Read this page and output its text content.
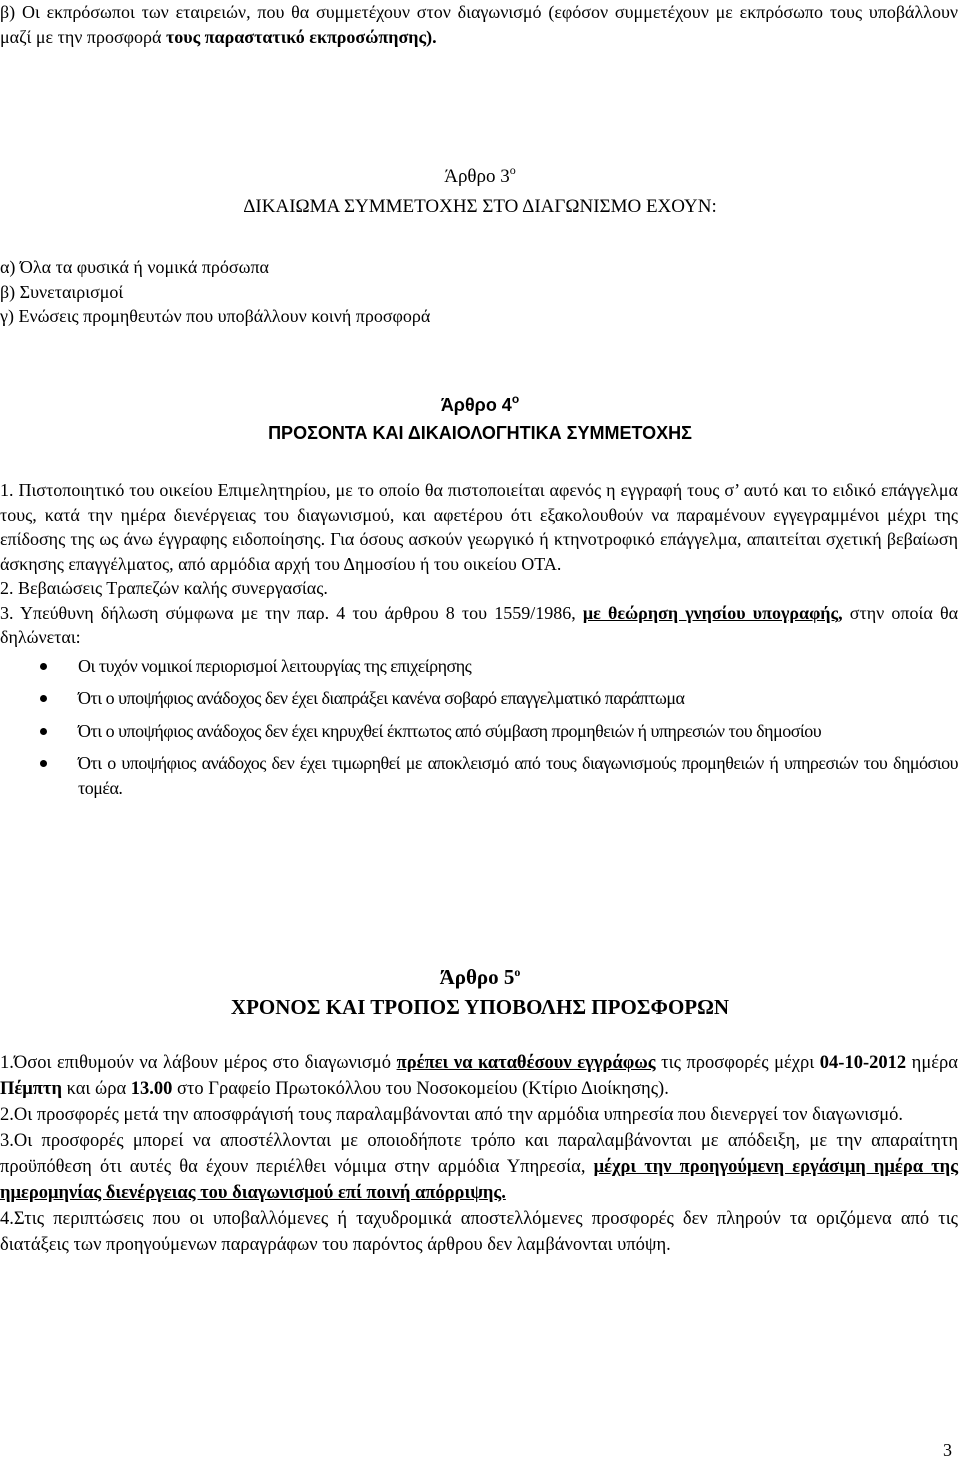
β) Οι εκπρόσωποι των εταιρειών, που θα συμμετέχουν στον διαγωνισμό (εφόσον συμμετέχουν με εκπρόσωπο τους υποβάλλουν μαζί με την προσφορά τους παραστατικό εκπροσώπησης).

Άρθρο $3^o$

ΔΙΚΑΙΩΜΑ ΣΥΜΜΕΤΟΧΗΣ ΣΤΟ ΔΙΑΓΩΝΙΣΜΟ ΕΧΟΥΝ:

α) Όλα τα φυσικά ή νομικά πρόσωπα

β) Συνεταιρισμοί

γ) Ενώσεις προμηθευτών που υποβάλλουν κοινή προσφορά

Άρθρο $4^o$

ΠΡΟΣΟΝΤΑ ΚΑΙ ΔΙΚΑΙΟΛΟΓΗΤΙΚΑ ΣΥΜΜΕΤΟΧΗΣ

1. Πιστοποιητικό του οικείου Επιμελητηρίου, με το οποίο θα πιστοποιείται αφενός η εγγραφή τους σ’ αυτό και το ειδικό επάγγελμα τους, κατά την ημέρα διενέργειας του διαγωνισμού, και αφετέρου ότι εξακολουθούν να παραμένουν εγγεγραμμένοι μέχρι της επίδοσης της ως άνω έγγραφης ειδοποίησης. Για όσους ασκούν γεωργικό ή κτηνοτροφικό επάγγελμα, απαιτείται σχετική βεβαίωση άσκησης επαγγέλματος, από αρμόδια αρχή του Δημοσίου ή του οικείου ΟΤΑ.

2. Βεβαιώσεις Τραπεζών καλής συνεργασίας.

3. Υπεύθυνη δήλωση σύμφωνα με την παρ. 4 του άρθρου 8 του 1559/1986, με θεώρηση γνησίου υπογραφής, στην οποία θα δηλώνεται:

Οι τυχόν νομικοί περιορισμοί λειτουργίας της επιχείρησης
Ότι ο υποψήφιος ανάδοχος δεν έχει διαπράξει κανένα σοβαρό επαγγελματικό παράπτωμα
Ότι ο υποψήφιος ανάδοχος δεν έχει κηρυχθεί έκπτωτος από σύμβαση προμηθειών ή υπηρεσιών του δημοσίου
Ότι ο υποψήφιος ανάδοχος δεν έχει τιμωρηθεί με αποκλεισμό από τους διαγωνισμούς προμηθειών ή υπηρεσιών του δημόσιου τομέα.

Άρθρο $5^o$

ΧΡΟΝΟΣ ΚΑΙ ΤΡΟΠΟΣ ΥΠΟΒΟΛΗΣ ΠΡΟΣΦΟΡΩΝ

1.Όσοι επιθυμούν να λάβουν μέρος στο διαγωνισμό πρέπει να καταθέσουν εγγράφως τις προσφορές μέχρι 04-10-2012 ημέρα Πέμπτη και ώρα 13.00 στο Γραφείο Πρωτοκόλλου του Νοσοκομείου (Κτίριο Διοίκησης).

2.Οι προσφορές μετά την αποσφράγισή τους παραλαμβάνονται από την αρμόδια υπηρεσία που διενεργεί τον διαγωνισμό.

3.Οι προσφορές μπορεί να αποστέλλονται με οποιοδήποτε τρόπο και παραλαμβάνονται με απόδειξη, με την απαραίτητη προϋπόθεση ότι αυτές θα έχουν περιέλθει νόμιμα στην αρμόδια Υπηρεσία, μέχρι την προηγούμενη εργάσιμη ημέρα της ημερομηνίας διενέργειας του διαγωνισμού επί ποινή απόρριψης.

4.Στις περιπτώσεις που οι υποβαλλόμενες ή ταχυδρομικά αποστελλόμενες προσφορές δεν πληρούν τα οριζόμενα από τις διατάξεις των προηγούμενων παραγράφων του παρόντος άρθρου δεν λαμβάνονται υπόψη.

3
